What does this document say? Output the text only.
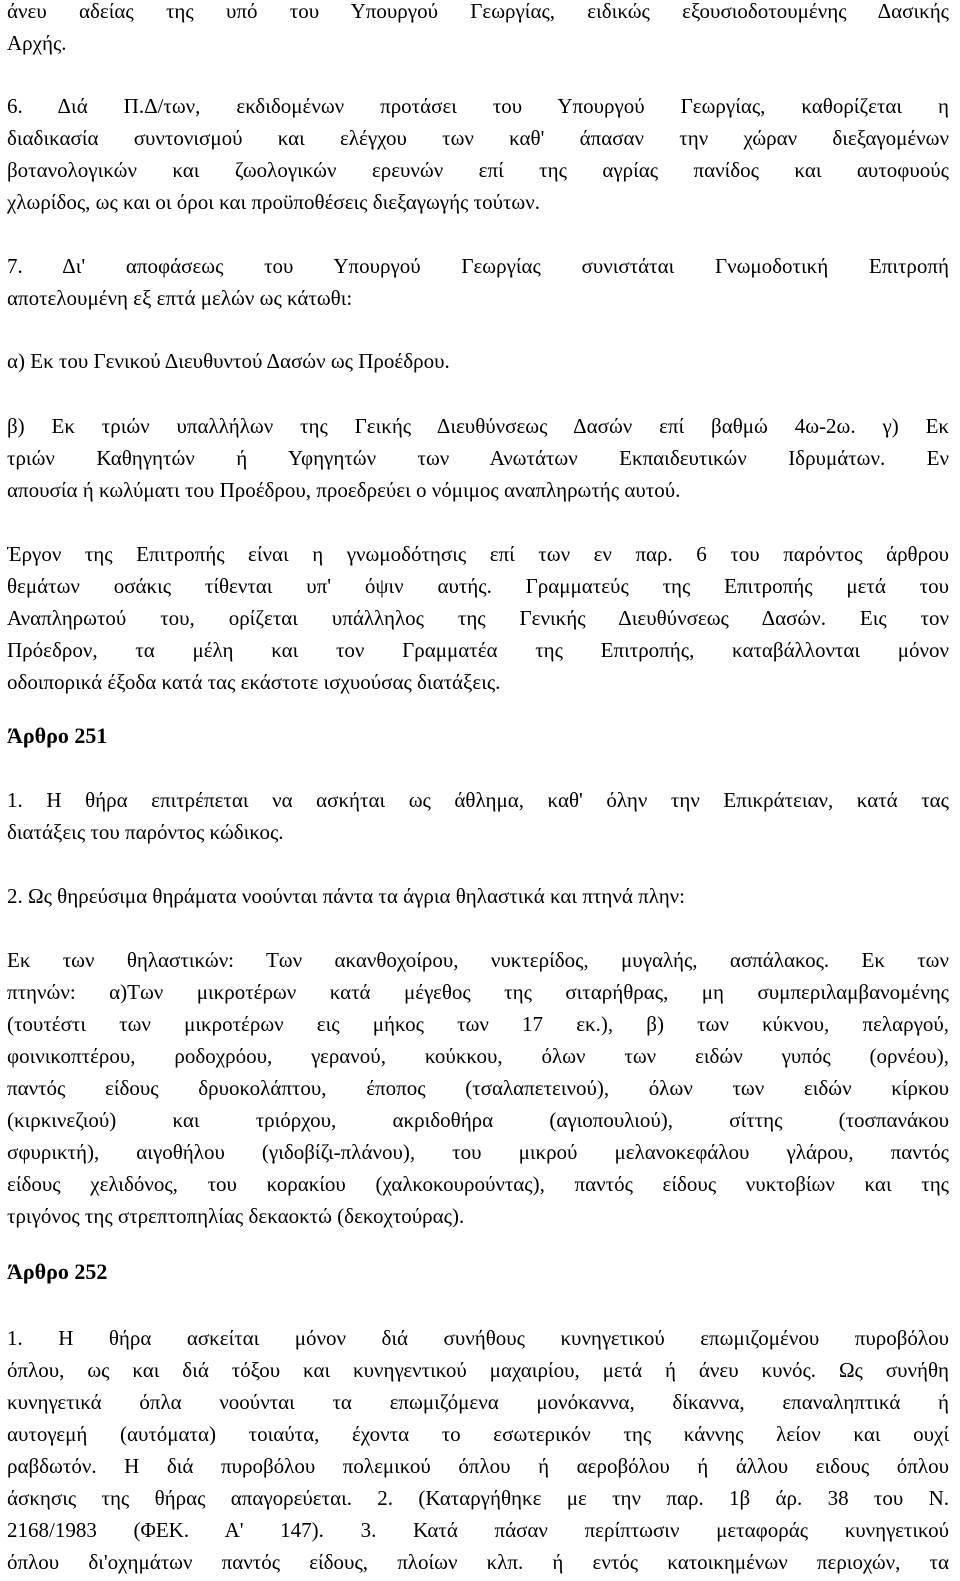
άνευ αδείας της υπό του Υπουργού Γεωργίας, ειδικώς εξουσιοδοτουμένης Δασικής
Αρχής.
6. Διά Π.Δ/των, εκδιδομένων προτάσει του Υπουργού Γεωργίας, καθορίζεται η
διαδικασία συντονισμού και ελέγχου των καθ' άπασαν την χώραν διεξαγομένων
βοτανολογικών και ζωολογικών ερευνών επί της αγρίας πανίδος και αυτοφυούς
χλωρίδος, ως και οι όροι και προϋποθέσεις διεξαγωγής τούτων.
7. Δι' αποφάσεως του Υπουργού Γεωργίας συνιστάται Γνωμοδοτική Επιτροπή
αποτελουμένη εξ επτά μελών ως κάτωθι:
α) Εκ του Γενικού Διευθυντού Δασών ως Προέδρου.
β) Εκ τριών υπαλλήλων της Γεικής Διευθύνσεως Δασών επί βαθμώ 4ω-2ω. γ) Εκ
τριών Καθηγητών ή Υφηγητών των Ανωτάτων Εκπαιδευτικών Ιδρυμάτων. Εν
απουσία ή κωλύματι του Προέδρου, προεδρεύει ο νόμιμος αναπληρωτής αυτού.
Έργον της Επιτροπής είναι η γνωμοδότησις επί των εν παρ. 6 του παρόντος άρθρου
θεμάτων οσάκις τίθενται υπ' όψιν αυτής. Γραμματεύς της Επιτροπής μετά του
Αναπληρωτού του, ορίζεται υπάλληλος της Γενικής Διευθύνσεως Δασών. Εις τον
Πρόεδρον, τα μέλη και τον Γραμματέα της Επιτροπής, καταβάλλονται μόνον
οδοιπορικά έξοδα κατά τας εκάστοτε ισχυούσας διατάξεις.
Άρθρο 251
1. Η θήρα επιτρέπεται να ασκήται ως άθλημα, καθ' όλην την Επικράτειαν, κατά τας
διατάξεις του παρόντος κώδικος.
2. Ως θηρεύσιμα θηράματα νοούνται πάντα τα άγρια θηλαστικά και πτηνά πλην:
Εκ των θηλαστικών: Των ακανθοχοίρου, νυκτερίδος, μυγαλής, ασπάλακος. Εκ των
πτηνών: α)Των μικροτέρων κατά μέγεθος της σιταρήθρας, μη συμπεριλαμβανομένης
(τουτέστι των μικροτέρων εις μήκος των 17 εκ.), β) των κύκνου, πελαργού,
φοινικοπτέρου, ροδοχρόου, γερανού, κούκκου, όλων των ειδών γυπός (ορνέου),
παντός είδους δρυοκολάπτου, έποπος (τσαλαπετεινού), όλων των ειδών κίρκου
(κιρκινεζιού) και τριόρχου, ακριδοθήρα (αγιοπουλιού), σίττης (τοσπανάκου
σφυρικτή), αιγοθήλου (γιδοβίζι-πλάνου), του μικρού μελανοκεφάλου γλάρου, παντός
είδους χελιδόνος, του κορακίου (χαλκοκουρούντας), παντός είδους νυκτοβίων και της
τριγόνος της στρεπτοπηλίας δεκαοκτώ (δεκοχτούρας).
Άρθρο 252
1. Η θήρα ασκείται μόνον διά συνήθους κυνηγετικού επωμιζομένου πυροβόλου
όπλου, ως και διά τόξου και κυνηγεντικού μαχαιρίου, μετά ή άνευ κυνός. Ως συνήθη
κυνηγετικά όπλα νοούνται τα επωμιζόμενα μονόκαννα, δίκαννα, επαναληπτικά ή
αυτογεμή (αυτόματα) τοιαύτα, έχοντα το εσωτερικόν της κάννης λείον και ουχί
ραβδωτόν. Η διά πυροβόλου πολεμικού όπλου ή αεροβόλου ή άλλου ειδους όπλου
άσκησις της θήρας απαγορεύεται. 2. (Καταργήθηκε με την παρ. 1β άρ. 38 του Ν.
2168/1983 (ΦΕΚ. Α' 147). 3. Κατά πάσαν περίπτωσιν μεταφοράς κυνηγετικού
όπλου δι'οχημάτων παντός είδους, πλοίων κλπ. ή εντός κατοικημένων περιοχών, τα
